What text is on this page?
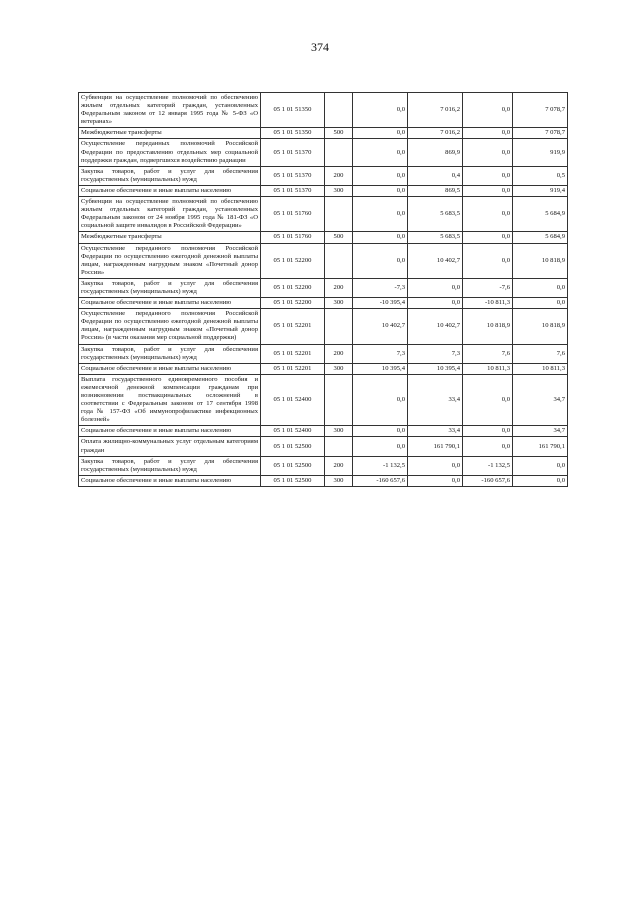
374
Субвенции на осуществление полномочий по обеспечению жильем отдельных категорий граждан, установленных Федеральным законом от 12 января 1995 года № 5-ФЗ «О ветеранах»	05 1 01 51350		0,0	7 016,2	0,0	7 078,7
Межбюджетные трансферты	05 1 01 51350	500	0,0	7 016,2	0,0	7 078,7
Осуществление переданных полномочий Российской Федерации по предоставлению отдельных мер социальной поддержки граждан, подвергшихся воздействию радиации	05 1 01 51370		0,0	869,9	0,0	919,9
Закупка товаров, работ и услуг для обеспечения государственных (муниципальных) нужд	05 1 01 51370	200	0,0	0,4	0,0	0,5
Социальное обеспечение и иные выплаты населению	05 1 01 51370	300	0,0	869,5	0,0	919,4
Субвенции на осуществление полномочий по обеспечению жильем отдельных категорий граждан, установленных Федеральным законом от 24 ноября 1995 года № 181-ФЗ «О социальной защите инвалидов в Российской Федерации»	05 1 01 51760		0,0	5 683,5	0,0	5 684,9
Межбюджетные трансферты	05 1 01 51760	500	0,0	5 683,5	0,0	5 684,9
Осуществление переданного полномочия Российской Федерации по осуществлению ежегодной денежной выплаты лицам, награжденным нагрудным знаком «Почетный донор России»	05 1 01 52200		0,0	10 402,7	0,0	10 818,9
Закупка товаров, работ и услуг для обеспечения государственных (муниципальных) нужд	05 1 01 52200	200	-7,3	0,0	-7,6	0,0
Социальное обеспечение и иные выплаты населению	05 1 01 52200	300	-10 395,4	0,0	-10 811,3	0,0
Осуществление переданного полномочия Российской Федерации по осуществлению ежегодной денежной выплаты лицам, награжденным нагрудным знаком «Почетный донор России» (в части оказания мер социальной поддержки)	05 1 01 52201		10 402,7	10 402,7	10 818,9	10 818,9
Закупка товаров, работ и услуг для обеспечения государственных (муниципальных) нужд	05 1 01 52201	200	7,3	7,3	7,6	7,6
Социальное обеспечение и иные выплаты населению	05 1 01 52201	300	10 395,4	10 395,4	10 811,3	10 811,3
Выплата государственного единовременного пособия и ежемесячной денежной компенсации гражданам при возникновении поствакцинальных осложнений в соответствии с Федеральным законом от 17 сентября 1998 года № 157-ФЗ «Об иммунопрофилактике инфекционных болезней»	05 1 01 52400		0,0	33,4	0,0	34,7
Социальное обеспечение и иные выплаты населению	05 1 01 52400	300	0,0	33,4	0,0	34,7
Оплата жилищно-коммунальных услуг отдельным категориям граждан	05 1 01 52500		0,0	161 790,1	0,0	161 790,1
Закупка товаров, работ и услуг для обеспечения государственных (муниципальных) нужд	05 1 01 52500	200	-1 132,5	0,0	-1 132,5	0,0
Социальное обеспечение и иные выплаты населению	05 1 01 52500	300	-160 657,6	0,0	-160 657,6	0,0
